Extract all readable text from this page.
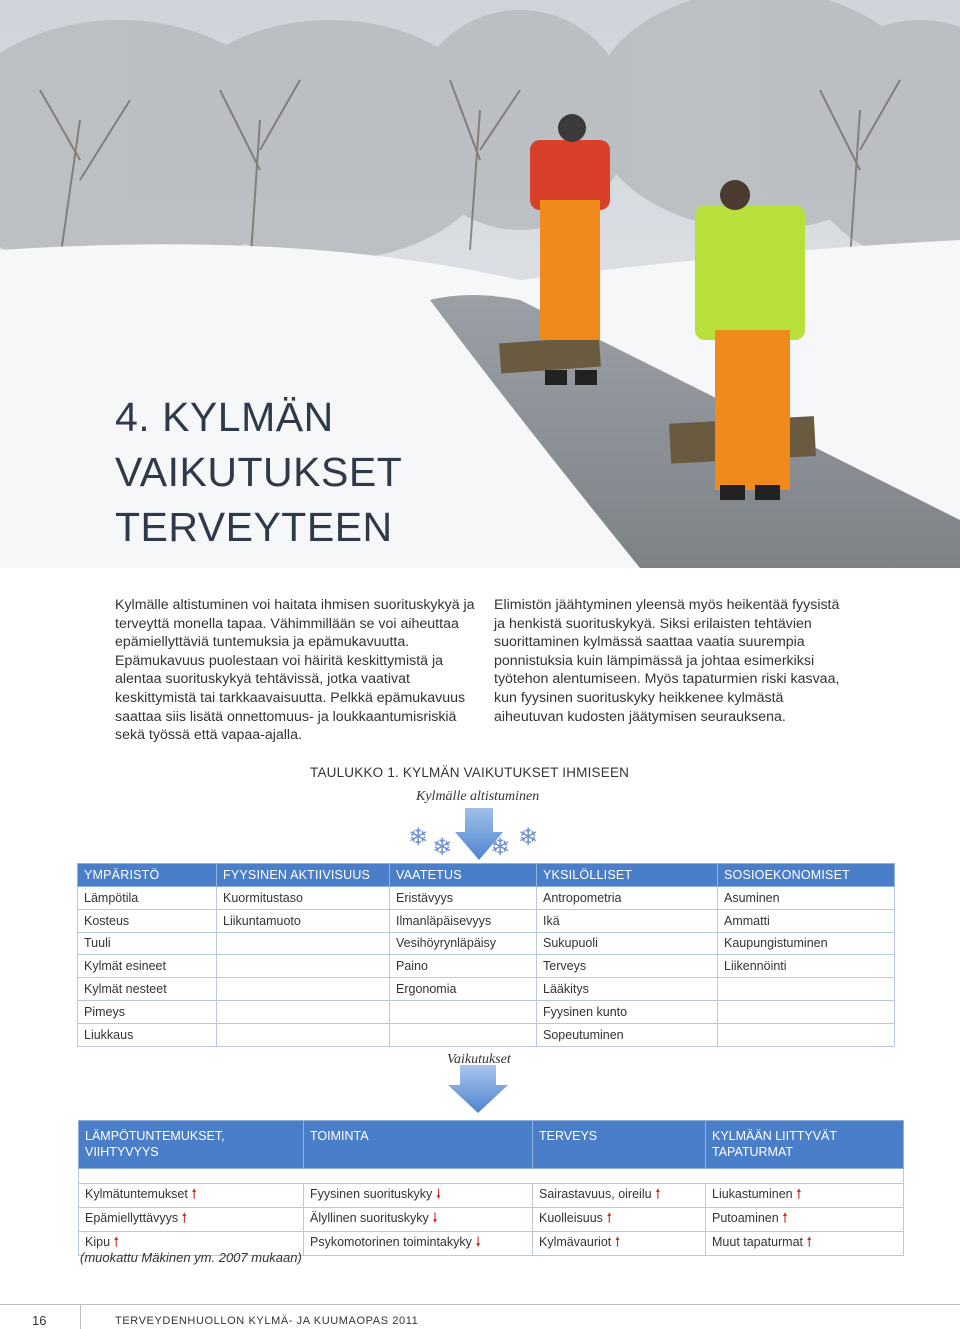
4. KYLMÄN
VAIKUTUKSET
TERVEYTEEN

Kylmälle altistuminen voi haitata ihmisen suorituskykyä ja terveyttä monella tapaa. Vähimmillään se voi aiheuttaa epämiellyttäviä tuntemuksia ja epämukavuutta. Epämukavuus puolestaan voi häiritä keskittymistä ja alentaa suorituskykyä tehtävissä, jotka vaativat keskittymistä tai tarkkaavaisuutta. Pelkkä epämukavuus saattaa siis lisätä onnettomuus- ja loukkaantumisriskiä sekä työssä että vapaa-ajalla.

Elimistön jäähtyminen yleensä myös heikentää fyysistä ja henkistä suorituskykyä. Siksi erilaisten tehtävien suorittaminen kylmässä saattaa vaatia suurempia ponnistuksia kuin lämpimässä ja johtaa esimerkiksi työtehon alentumiseen. Myös tapaturmien riski kasvaa, kun fyysinen suorituskyky heikkenee kylmästä aiheutuvan kudosten jäätymisen seurauksena.

TAULUKKO 1. KYLMÄN VAIKUTUKSET IHMISEEN
Kylmälle altistuminen
❄ ❄ ❄ ❄
YMPÄRISTÖ	FYYSINEN AKTIIVISUUS	VAATETUS	YKSILÖLLISET	SOSIOEKONOMISET
Lämpötila	Kuormitustaso	Eristävyys	Antropometria	Asuminen
Kosteus	Liikuntamuoto	Ilmanläpäisevyys	Ikä	Ammatti
Tuuli		Vesihöyrynläpäisy	Sukupuoli	Kaupungistuminen
Kylmät esineet		Paino	Terveys	Liikennöinti
Kylmät nesteet		Ergonomia	Lääkitys	
Pimeys			Fyysinen kunto	
Liukkaus			Sopeutuminen	
Vaikutukset
LÄMPÖTUNTEMUKSET, VIIHTYVYYS	TOIMINTA	TERVEYS	KYLMÄÄN LIITTYVÄT TAPATURMAT

Kylmätuntemukset 🠑	Fyysinen suorituskyky 🠓	Sairastavuus, oireilu 🠑	Liukastuminen 🠑
Epämiellyttävyys 🠑	Älyllinen suorituskyky 🠓	Kuolleisuus 🠑	Putoaminen 🠑
Kipu 🠑	Psykomotorinen toimintakyky 🠓	Kylmävauriot 🠑	Muut tapaturmat 🠑
(muokattu Mäkinen ym. 2007 mukaan)
16	TERVEYDENHUOLLON KYLMÄ- JA KUUMAOPAS 2011
